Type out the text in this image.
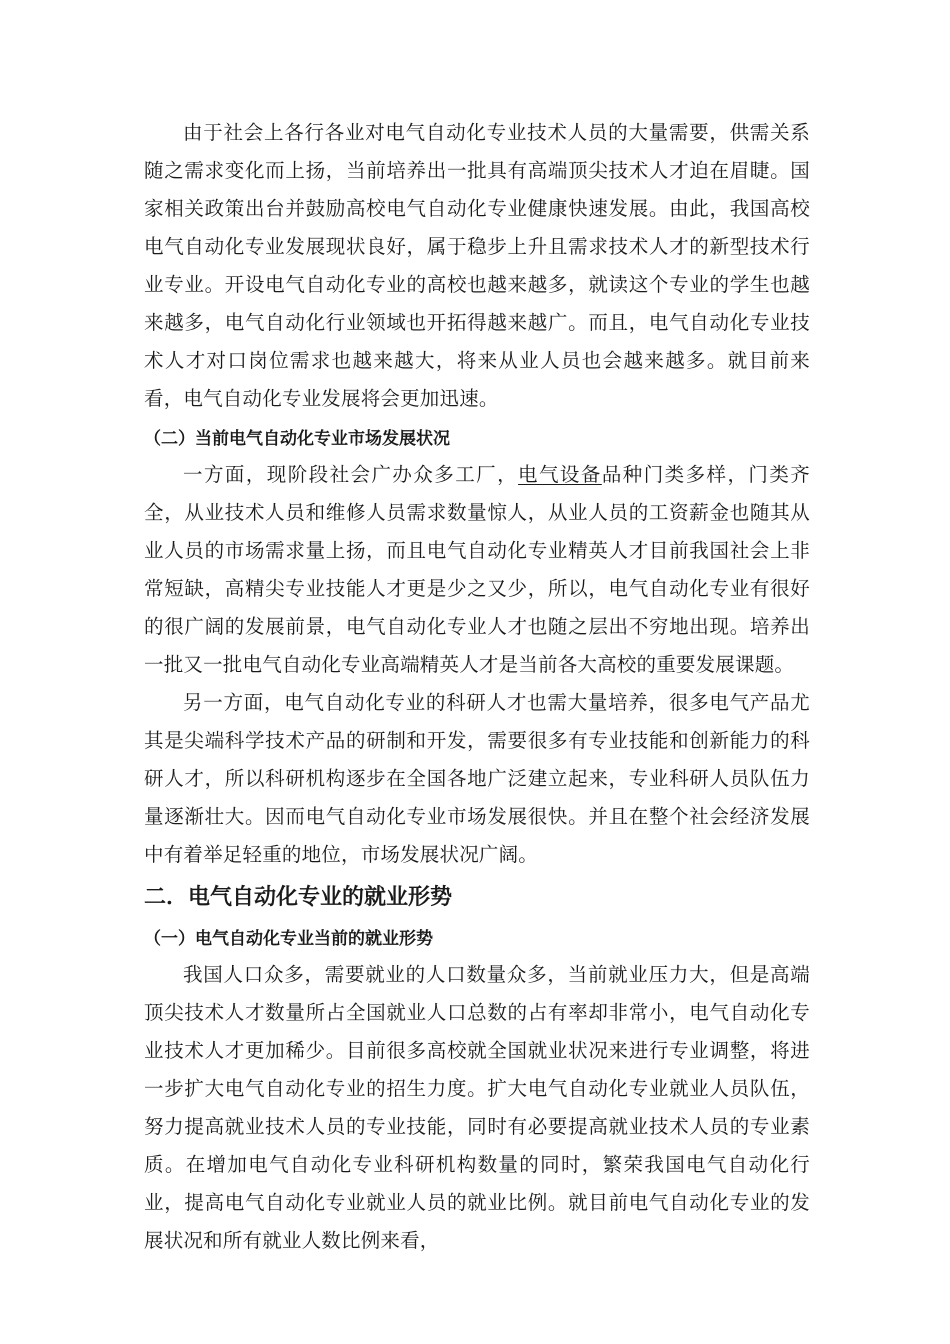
由于社会上各行各业对电气自动化专业技术人员的大量需要，供需关系随之需求变化而上扬，当前培养出一批具有高端顶尖技术人才迫在眉睫。国家相关政策出台并鼓励高校电气自动化专业健康快速发展。由此，我国高校电气自动化专业发展现状良好，属于稳步上升且需求技术人才的新型技术行业专业。开设电气自动化专业的高校也越来越多，就读这个专业的学生也越来越多，电气自动化行业领域也开拓得越来越广。而且，电气自动化专业技术人才对口岗位需求也越来越大，将来从业人员也会越来越多。就目前来看，电气自动化专业发展将会更加迅速。

（二）当前电气自动化专业市场发展状况

一方面，现阶段社会广办众多工厂，电气设备品种门类多样，门类齐全，从业技术人员和维修人员需求数量惊人，从业人员的工资薪金也随其从业人员的市场需求量上扬，而且电气自动化专业精英人才目前我国社会上非常短缺，高精尖专业技能人才更是少之又少，所以，电气自动化专业有很好的很广阔的发展前景，电气自动化专业人才也随之层出不穷地出现。培养出一批又一批电气自动化专业高端精英人才是当前各大高校的重要发展课题。

另一方面，电气自动化专业的科研人才也需大量培养，很多电气产品尤其是尖端科学技术产品的研制和开发，需要很多有专业技能和创新能力的科研人才，所以科研机构逐步在全国各地广泛建立起来，专业科研人员队伍力量逐渐壮大。因而电气自动化专业市场发展很快。并且在整个社会经济发展中有着举足轻重的地位，市场发展状况广阔。

二．电气自动化专业的就业形势
（一）电气自动化专业当前的就业形势

我国人口众多，需要就业的人口数量众多，当前就业压力大，但是高端顶尖技术人才数量所占全国就业人口总数的占有率却非常小，电气自动化专业技术人才更加稀少。目前很多高校就全国就业状况来进行专业调整，将进一步扩大电气自动化专业的招生力度。扩大电气自动化专业就业人员队伍，努力提高就业技术人员的专业技能，同时有必要提高就业技术人员的专业素质。在增加电气自动化专业科研机构数量的同时，繁荣我国电气自动化行业，提高电气自动化专业就业人员的就业比例。就目前电气自动化专业的发展状况和所有就业人数比例来看，
